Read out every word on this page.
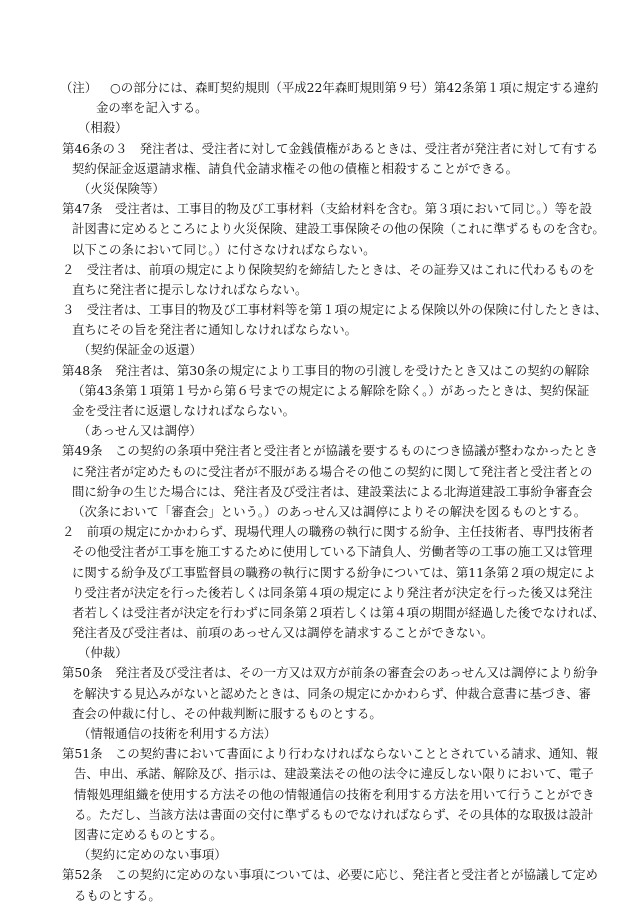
（注） ○の部分には、森町契約規則（平成22年森町規則第９号）第42条第１項に規定する違約
金の率を記入する。
（相殺）
第46条の３　発注者は、受注者に対して金銭債権があるときは、受注者が発注者に対して有する
契約保証金返還請求権、請負代金請求権その他の債権と相殺することができる。
（火災保険等）
第47条　受注者は、工事目的物及び工事材料（支給材料を含む。第３項において同じ。）等を設
計図書に定めるところにより火災保険、建設工事保険その他の保険（これに準ずるものを含む。
以下この条において同じ。）に付さなければならない。
２　受注者は、前項の規定により保険契約を締結したときは、その証券又はこれに代わるものを
直ちに発注者に提示しなければならない。
３　受注者は、工事目的物及び工事材料等を第１項の規定による保険以外の保険に付したときは、
直ちにその旨を発注者に通知しなければならない。
（契約保証金の返還）
第48条　発注者は、第30条の規定により工事目的物の引渡しを受けたとき又はこの契約の解除
（第43条第１項第１号から第６号までの規定による解除を除く。）があったときは、契約保証
金を受注者に返還しなければならない。
（あっせん又は調停）
第49条　この契約の条項中発注者と受注者とが協議を要するものにつき協議が整わなかったとき
に発注者が定めたものに受注者が不服がある場合その他この契約に関して発注者と受注者との
間に紛争の生じた場合には、発注者及び受注者は、建設業法による北海道建設工事紛争審査会
（次条において「審査会」という。）のあっせん又は調停によりその解決を図るものとする。
２　前項の規定にかかわらず、現場代理人の職務の執行に関する紛争、主任技術者、専門技術者
その他受注者が工事を施工するために使用している下請負人、労働者等の工事の施工又は管理
に関する紛争及び工事監督員の職務の執行に関する紛争については、第11条第２項の規定によ
り受注者が決定を行った後若しくは同条第４項の規定により発注者が決定を行った後又は発注
者若しくは受注者が決定を行わずに同条第２項若しくは第４項の期間が経過した後でなければ、
発注者及び受注者は、前項のあっせん又は調停を請求することができない。
（仲裁）
第50条　発注者及び受注者は、その一方又は双方が前条の審査会のあっせん又は調停により紛争
を解決する見込みがないと認めたときは、同条の規定にかかわらず、仲裁合意書に基づき、審
査会の仲裁に付し、その仲裁判断に服するものとする。
（情報通信の技術を利用する方法）
第51条　この契約書において書面により行わなければならないこととされている請求、通知、報
告、申出、承諾、解除及び、指示は、建設業法その他の法令に違反しない限りにおいて、電子
情報処理組織を使用する方法その他の情報通信の技術を利用する方法を用いて行うことができ
る。ただし、当該方法は書面の交付に準ずるものでなければならず、その具体的な取扱は設計
図書に定めるものとする。
（契約に定めのない事項）
第52条　この契約に定めのない事項については、必要に応じ、発注者と受注者とが協議して定め
るものとする。
